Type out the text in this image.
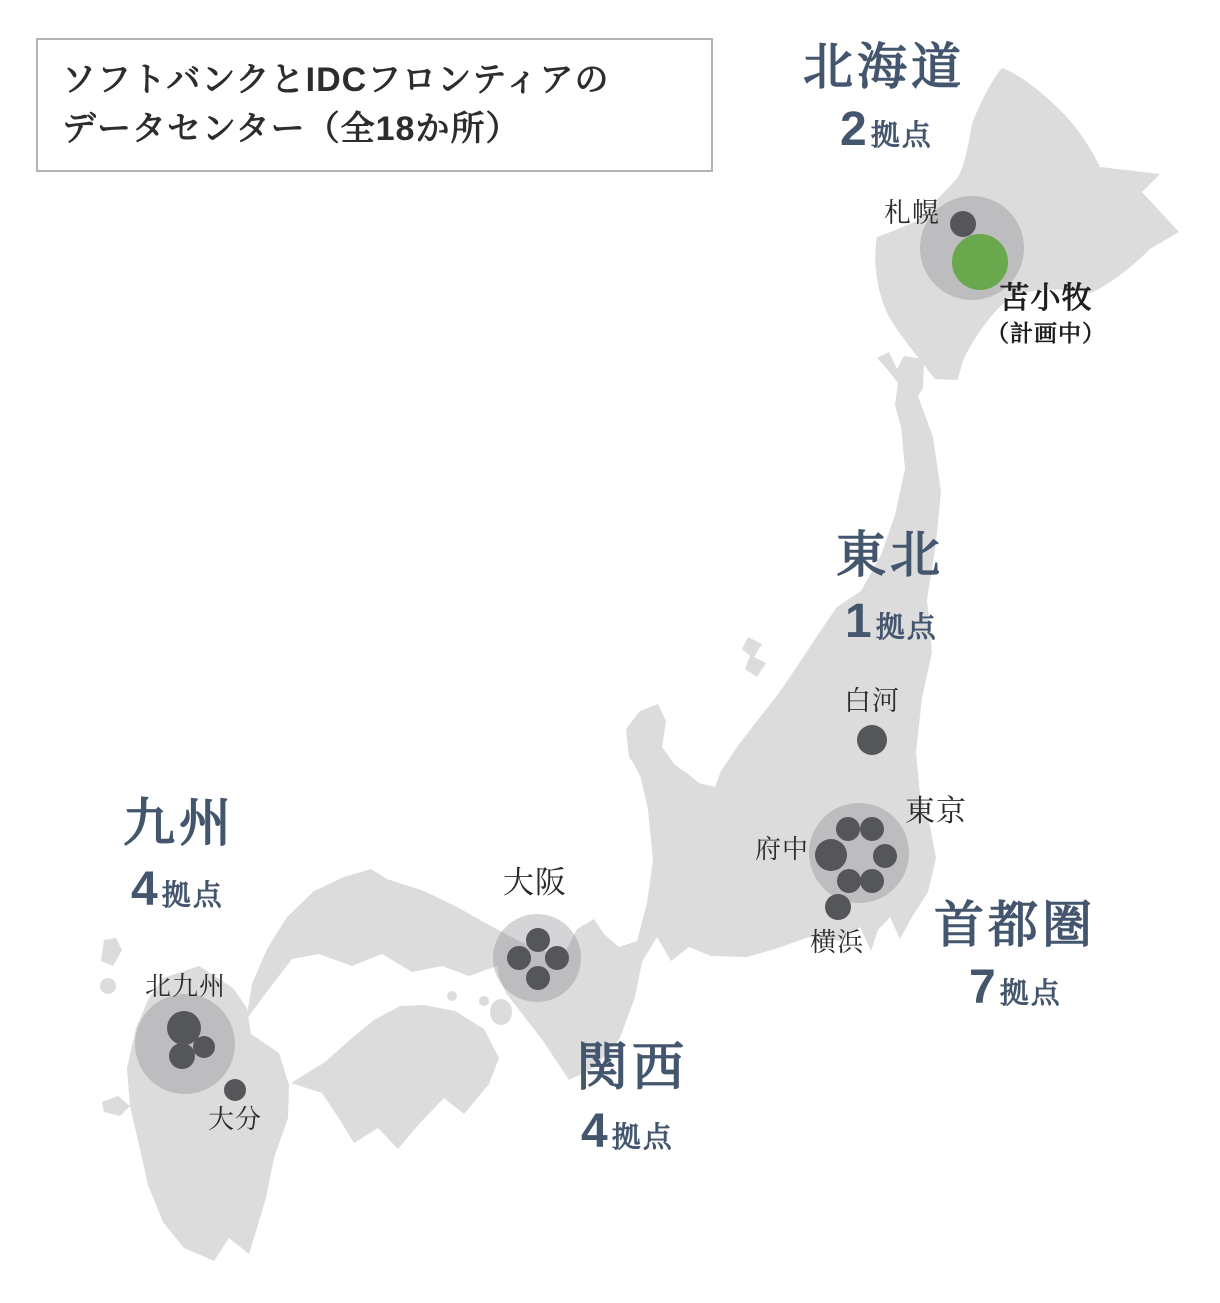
ソフトバンクとIDCフロンティアの
データセンター（全18か所）
北海道
2 拠点
東北
1 拠点
首都圏
7 拠点
関西
4 拠点
九州
4 拠点
札幌
苫小牧
（計画中）
白河
東京
府中
横浜
大阪
北九州
大分
